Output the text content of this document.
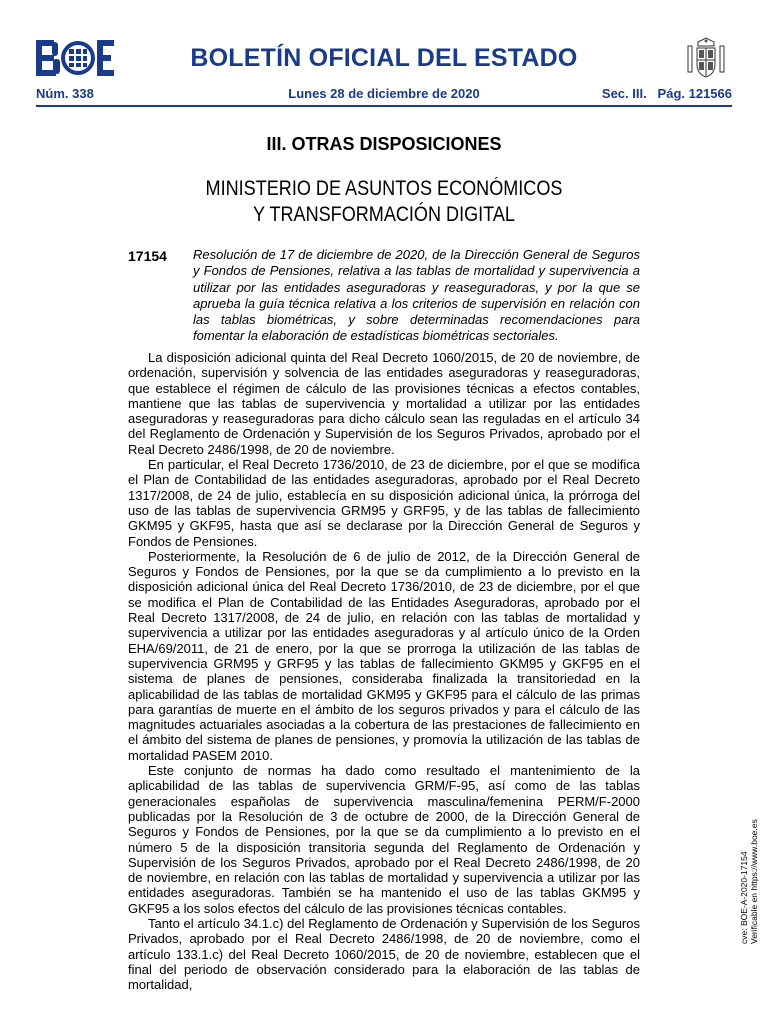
BOLETÍN OFICIAL DEL ESTADO
Lunes 28 de diciembre de 2020
Núm. 338	Sec. III.   Pág. 121566
III. OTRAS DISPOSICIONES
MINISTERIO DE ASUNTOS ECONÓMICOS
Y TRANSFORMACIÓN DIGITAL
17154 Resolución de 17 de diciembre de 2020, de la Dirección General de Seguros y Fondos de Pensiones, relativa a las tablas de mortalidad y supervivencia a utilizar por las entidades aseguradoras y reaseguradoras, y por la que se aprueba la guía técnica relativa a los criterios de supervisión en relación con las tablas biométricas, y sobre determinadas recomendaciones para fomentar la elaboración de estadísticas biométricas sectoriales.

La disposición adicional quinta del Real Decreto 1060/2015, de 20 de noviembre, de ordenación, supervisión y solvencia de las entidades aseguradoras y reaseguradoras, que establece el régimen de cálculo de las provisiones técnicas a efectos contables, mantiene que las tablas de supervivencia y mortalidad a utilizar por las entidades aseguradoras y reaseguradoras para dicho cálculo sean las reguladas en el artículo 34 del Reglamento de Ordenación y Supervisión de los Seguros Privados, aprobado por el Real Decreto 2486/1998, de 20 de noviembre.

En particular, el Real Decreto 1736/2010, de 23 de diciembre, por el que se modifica el Plan de Contabilidad de las entidades aseguradoras, aprobado por el Real Decreto 1317/2008, de 24 de julio, establecía en su disposición adicional única, la prórroga del uso de las tablas de supervivencia GRM95 y GRF95, y de las tablas de fallecimiento GKM95 y GKF95, hasta que así se declarase por la Dirección General de Seguros y Fondos de Pensiones.

Posteriormente, la Resolución de 6 de julio de 2012, de la Dirección General de Seguros y Fondos de Pensiones, por la que se da cumplimiento a lo previsto en la disposición adicional única del Real Decreto 1736/2010, de 23 de diciembre, por el que se modifica el Plan de Contabilidad de las Entidades Aseguradoras, aprobado por el Real Decreto 1317/2008, de 24 de julio, en relación con las tablas de mortalidad y supervivencia a utilizar por las entidades aseguradoras y al artículo único de la Orden EHA/69/2011, de 21 de enero, por la que se prorroga la utilización de las tablas de supervivencia GRM95 y GRF95 y las tablas de fallecimiento GKM95 y GKF95 en el sistema de planes de pensiones, consideraba finalizada la transitoriedad en la aplicabilidad de las tablas de mortalidad GKM95 y GKF95 para el cálculo de las primas para garantías de muerte en el ámbito de los seguros privados y para el cálculo de las magnitudes actuariales asociadas a la cobertura de las prestaciones de fallecimiento en el ámbito del sistema de planes de pensiones, y promovía la utilización de las tablas de mortalidad PASEM 2010.

Este conjunto de normas ha dado como resultado el mantenimiento de la aplicabilidad de las tablas de supervivencia GRM/F-95, así como de las tablas generacionales españolas de supervivencia masculina/femenina PERM/F-2000 publicadas por la Resolución de 3 de octubre de 2000, de la Dirección General de Seguros y Fondos de Pensiones, por la que se da cumplimiento a lo previsto en el número 5 de la disposición transitoria segunda del Reglamento de Ordenación y Supervisión de los Seguros Privados, aprobado por el Real Decreto 2486/1998, de 20 de noviembre, en relación con las tablas de mortalidad y supervivencia a utilizar por las entidades aseguradoras. También se ha mantenido el uso de las tablas GKM95 y GKF95 a los solos efectos del cálculo de las provisiones técnicas contables.

Tanto el artículo 34.1.c) del Reglamento de Ordenación y Supervisión de los Seguros Privados, aprobado por el Real Decreto 2486/1998, de 20 de noviembre, como el artículo 133.1.c) del Real Decreto 1060/2015, de 20 de noviembre, establecen que el final del periodo de observación considerado para la elaboración de las tablas de mortalidad,

cve: BOE-A-2020-17154 Verificable en https://www.boe.es
